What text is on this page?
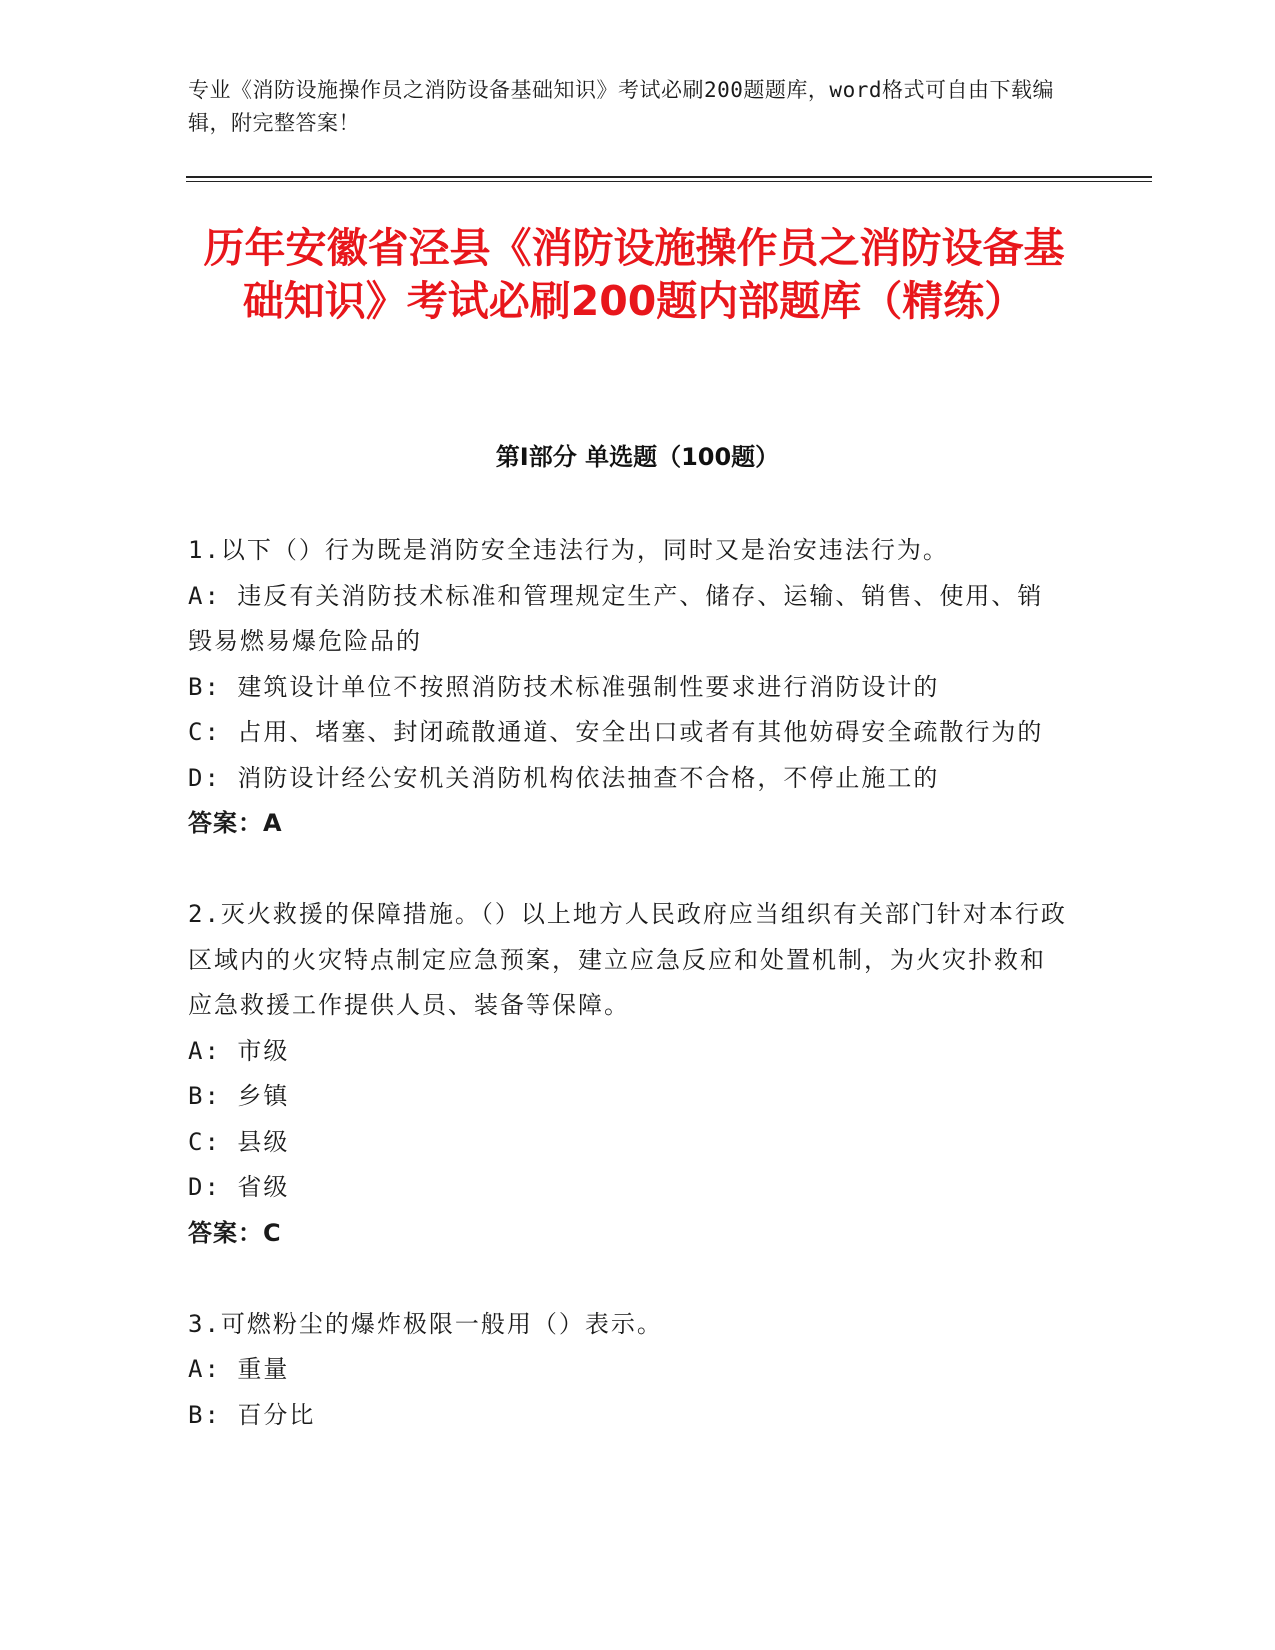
专业《消防设施操作员之消防设备基础知识》考试必刷200题题库，word格式可自由下载编辑，附完整答案！
历年安徽省泾县《消防设施操作员之消防设备基础知识》考试必刷200题内部题库（精练）
第I部分 单选题（100题）

1.以下（）行为既是消防安全违法行为，同时又是治安违法行为。

A: 违反有关消防技术标准和管理规定生产、储存、运输、销售、使用、销毁易燃易爆危险品的

B: 建筑设计单位不按照消防技术标准强制性要求进行消防设计的

C: 占用、堵塞、封闭疏散通道、安全出口或者有其他妨碍安全疏散行为的

D: 消防设计经公安机关消防机构依法抽查不合格，不停止施工的

答案：A

2.灭火救援的保障措施。（）以上地方人民政府应当组织有关部门针对本行政区域内的火灾特点制定应急预案，建立应急反应和处置机制，为火灾扑救和应急救援工作提供人员、装备等保障。

A: 市级

B: 乡镇

C: 县级

D: 省级

答案：C

3.可燃粉尘的爆炸极限一般用（）表示。

A: 重量

B: 百分比
